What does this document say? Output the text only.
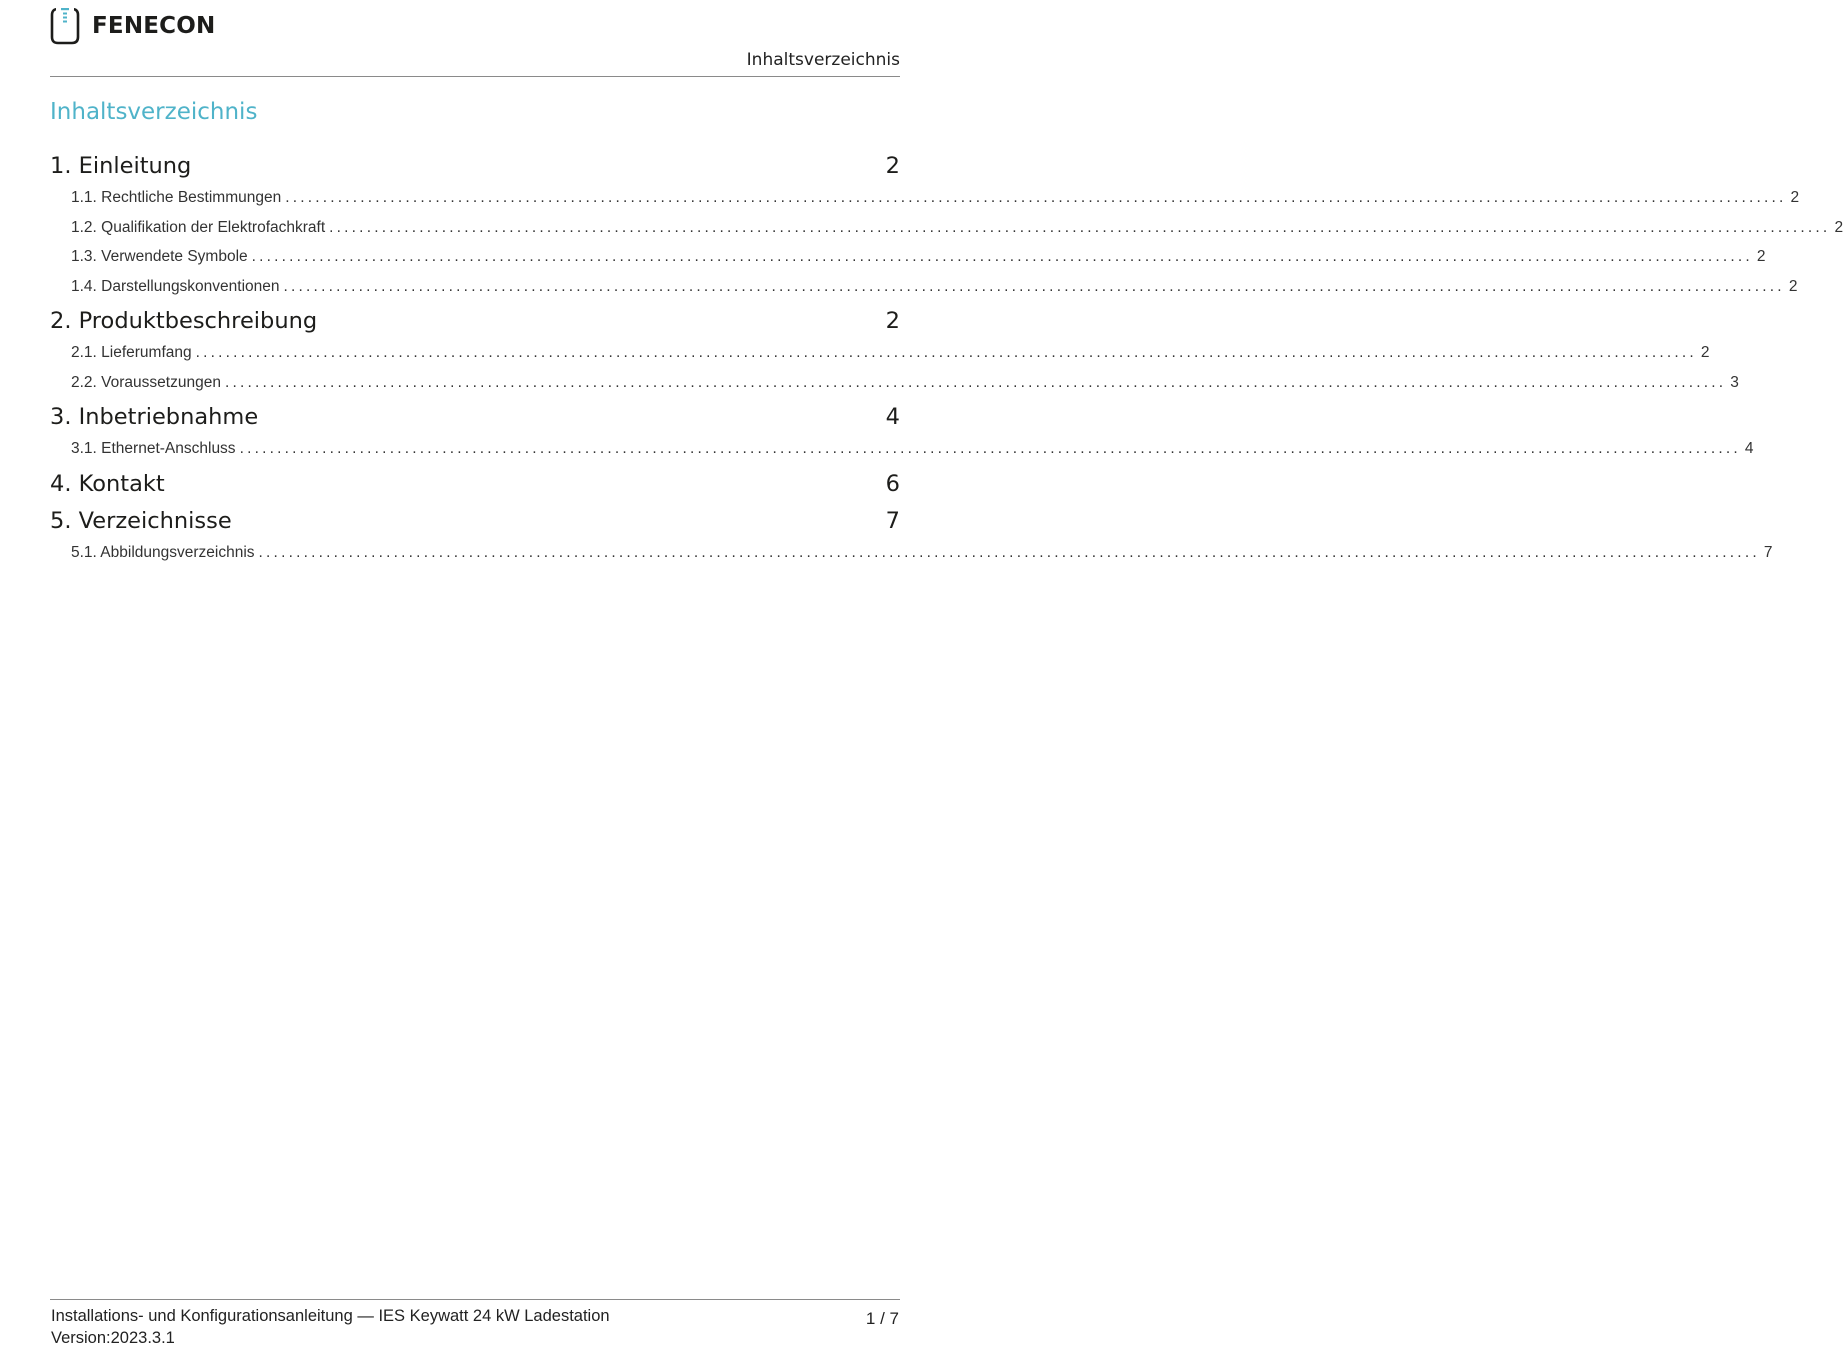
FENECON
Inhaltsverzeichnis
Inhaltsverzeichnis
1. Einleitung	2
1.1. Rechtliche Bestimmungen ........................................................................................................................................................................................................ 2
1.2. Qualifikation der Elektrofachkraft ........................................................................................................................................................................................................ 2
1.3. Verwendete Symbole ........................................................................................................................................................................................................ 2
1.4. Darstellungskonventionen ........................................................................................................................................................................................................ 2
2. Produktbeschreibung	2
2.1. Lieferumfang ........................................................................................................................................................................................................ 2
2.2. Voraussetzungen ........................................................................................................................................................................................................ 3
3. Inbetriebnahme	4
3.1. Ethernet-Anschluss ........................................................................................................................................................................................................ 4
4. Kontakt	6
5. Verzeichnisse	7
5.1. Abbildungsverzeichnis ........................................................................................................................................................................................................ 7
Installations- und Konfigurationsanleitung — IES Keywatt 24 kW Ladestation
Version:2023.3.1
1 / 7
